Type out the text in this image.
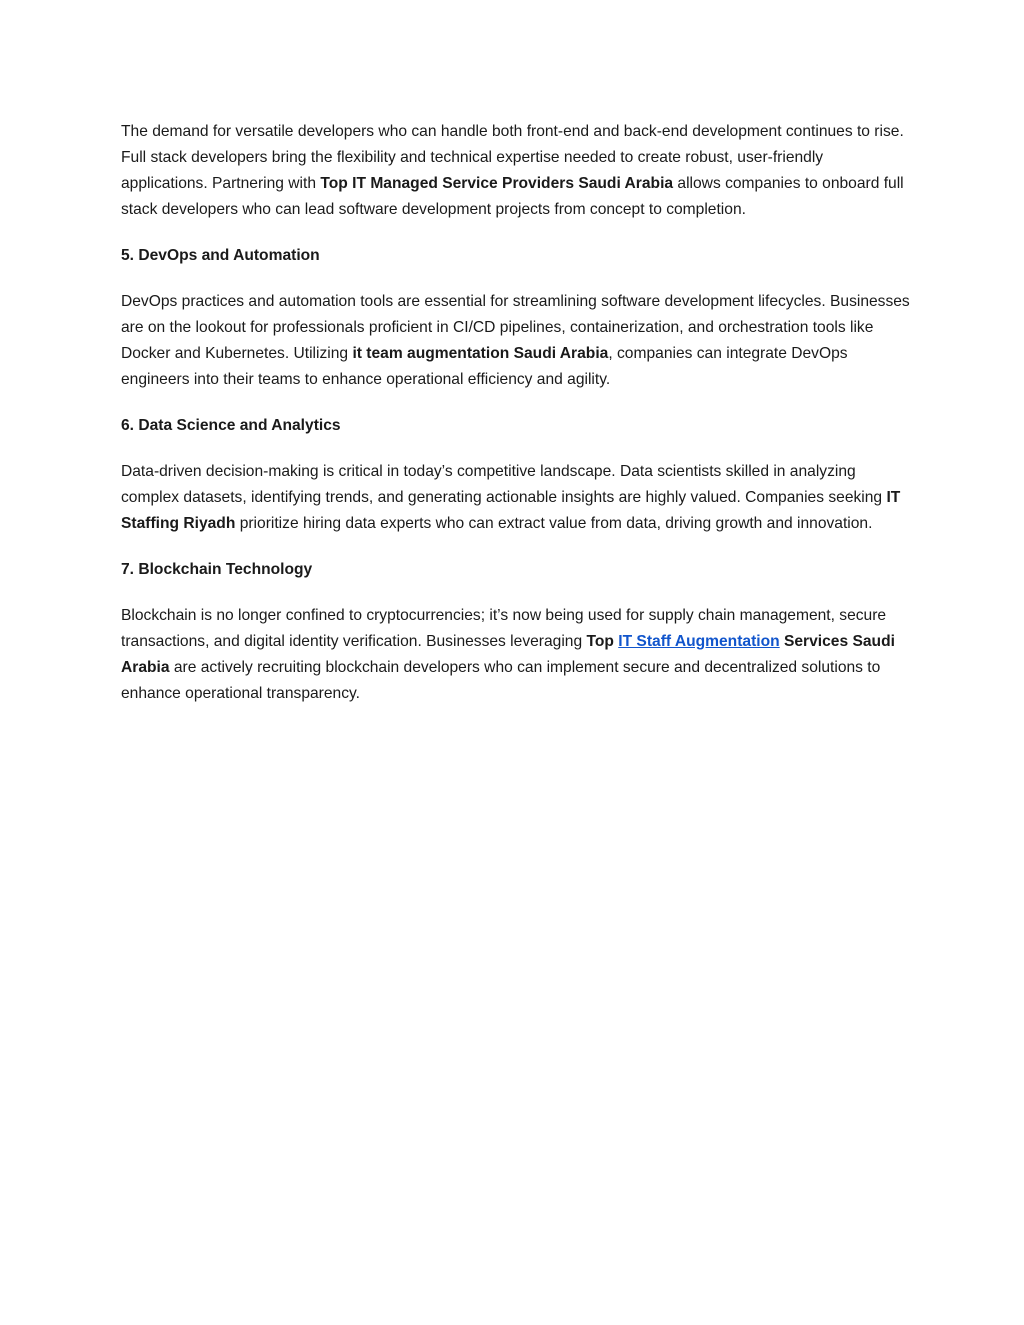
The demand for versatile developers who can handle both front-end and back-end development continues to rise. Full stack developers bring the flexibility and technical expertise needed to create robust, user-friendly applications. Partnering with Top IT Managed Service Providers Saudi Arabia allows companies to onboard full stack developers who can lead software development projects from concept to completion.

5. DevOps and Automation

DevOps practices and automation tools are essential for streamlining software development lifecycles. Businesses are on the lookout for professionals proficient in CI/CD pipelines, containerization, and orchestration tools like Docker and Kubernetes. Utilizing it team augmentation Saudi Arabia, companies can integrate DevOps engineers into their teams to enhance operational efficiency and agility.

6. Data Science and Analytics

Data-driven decision-making is critical in today’s competitive landscape. Data scientists skilled in analyzing complex datasets, identifying trends, and generating actionable insights are highly valued. Companies seeking IT Staffing Riyadh prioritize hiring data experts who can extract value from data, driving growth and innovation.

7. Blockchain Technology

Blockchain is no longer confined to cryptocurrencies; it’s now being used for supply chain management, secure transactions, and digital identity verification. Businesses leveraging Top IT Staff Augmentation Services Saudi Arabia are actively recruiting blockchain developers who can implement secure and decentralized solutions to enhance operational transparency.
